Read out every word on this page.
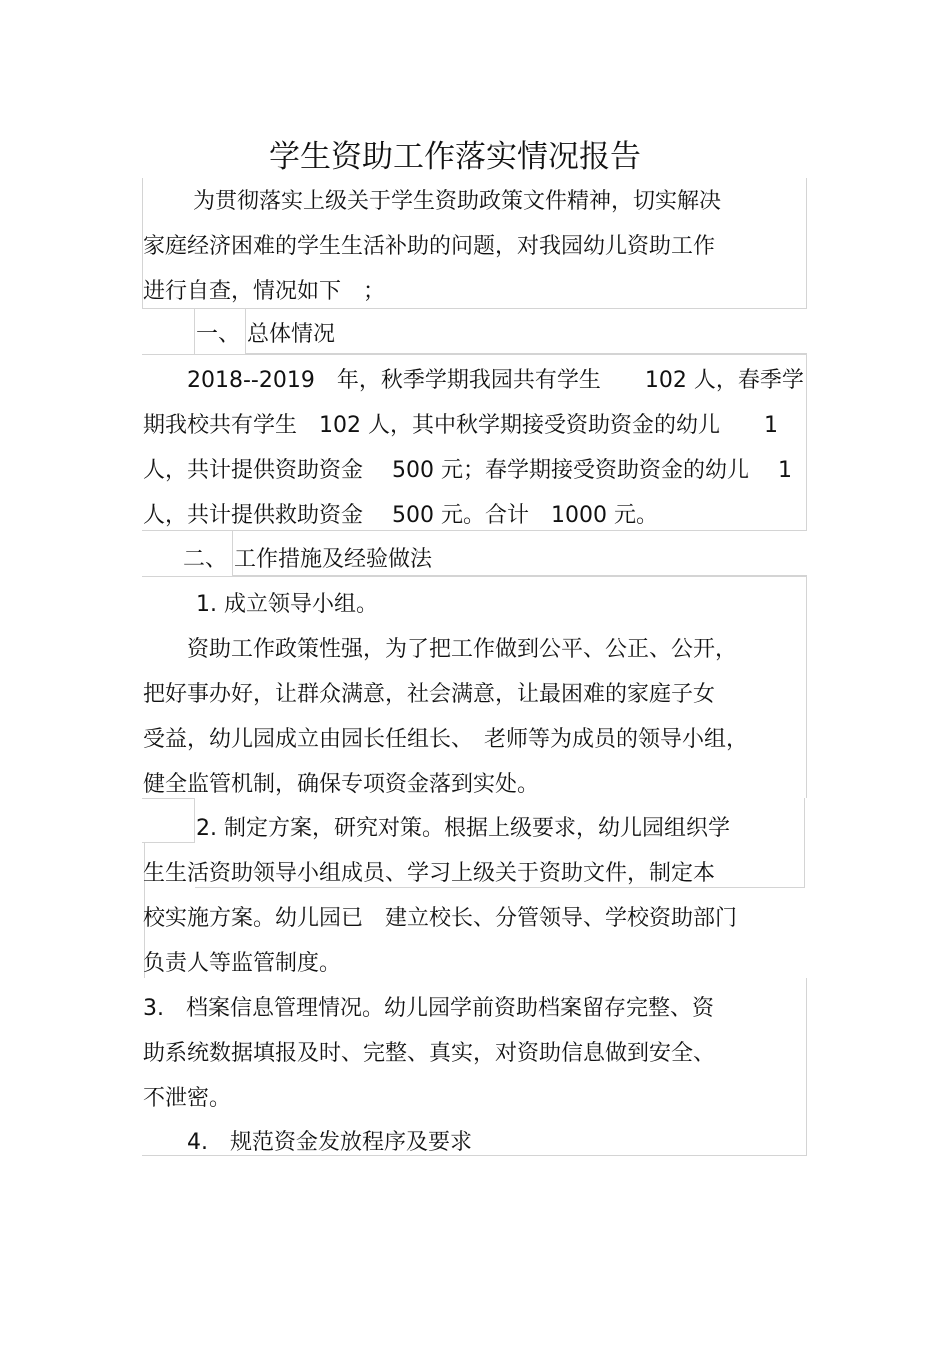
学生资助工作落实情况报告
为贯彻落实上级关于学生资助政策文件精神，切实解决
家庭经济困难的学生生活补助的问题，对我园幼儿资助工作
进行自查，情况如下　；
一、 总体情况
2018--2019　年，秋季学期我园共有学生　　102 人，春季学
期我校共有学生　102 人，其中秋学期接受资助资金的幼儿　　1
人，共计提供资助资金　 500 元；春学期接受资助资金的幼儿　 1
人，共计提供救助资金　 500 元。合计　1000 元。
二、 工作措施及经验做法
1. 成立领导小组。
资助工作政策性强，为了把工作做到公平、公正、公开，
把好事办好，让群众满意，社会满意，让最困难的家庭子女
受益，幼儿园成立由园长任组长、　老师等为成员的领导小组，
健全监管机制，确保专项资金落到实处。
2. 制定方案，研究对策。根据上级要求，幼儿园组织学
生生活资助领导小组成员、学习上级关于资助文件，制定本
校实施方案。幼儿园已　建立校长、分管领导、学校资助部门
负责人等监管制度。
3.　档案信息管理情况。幼儿园学前资助档案留存完整、资
助系统数据填报及时、完整、真实，对资助信息做到安全、
不泄密。
4.　规范资金发放程序及要求
